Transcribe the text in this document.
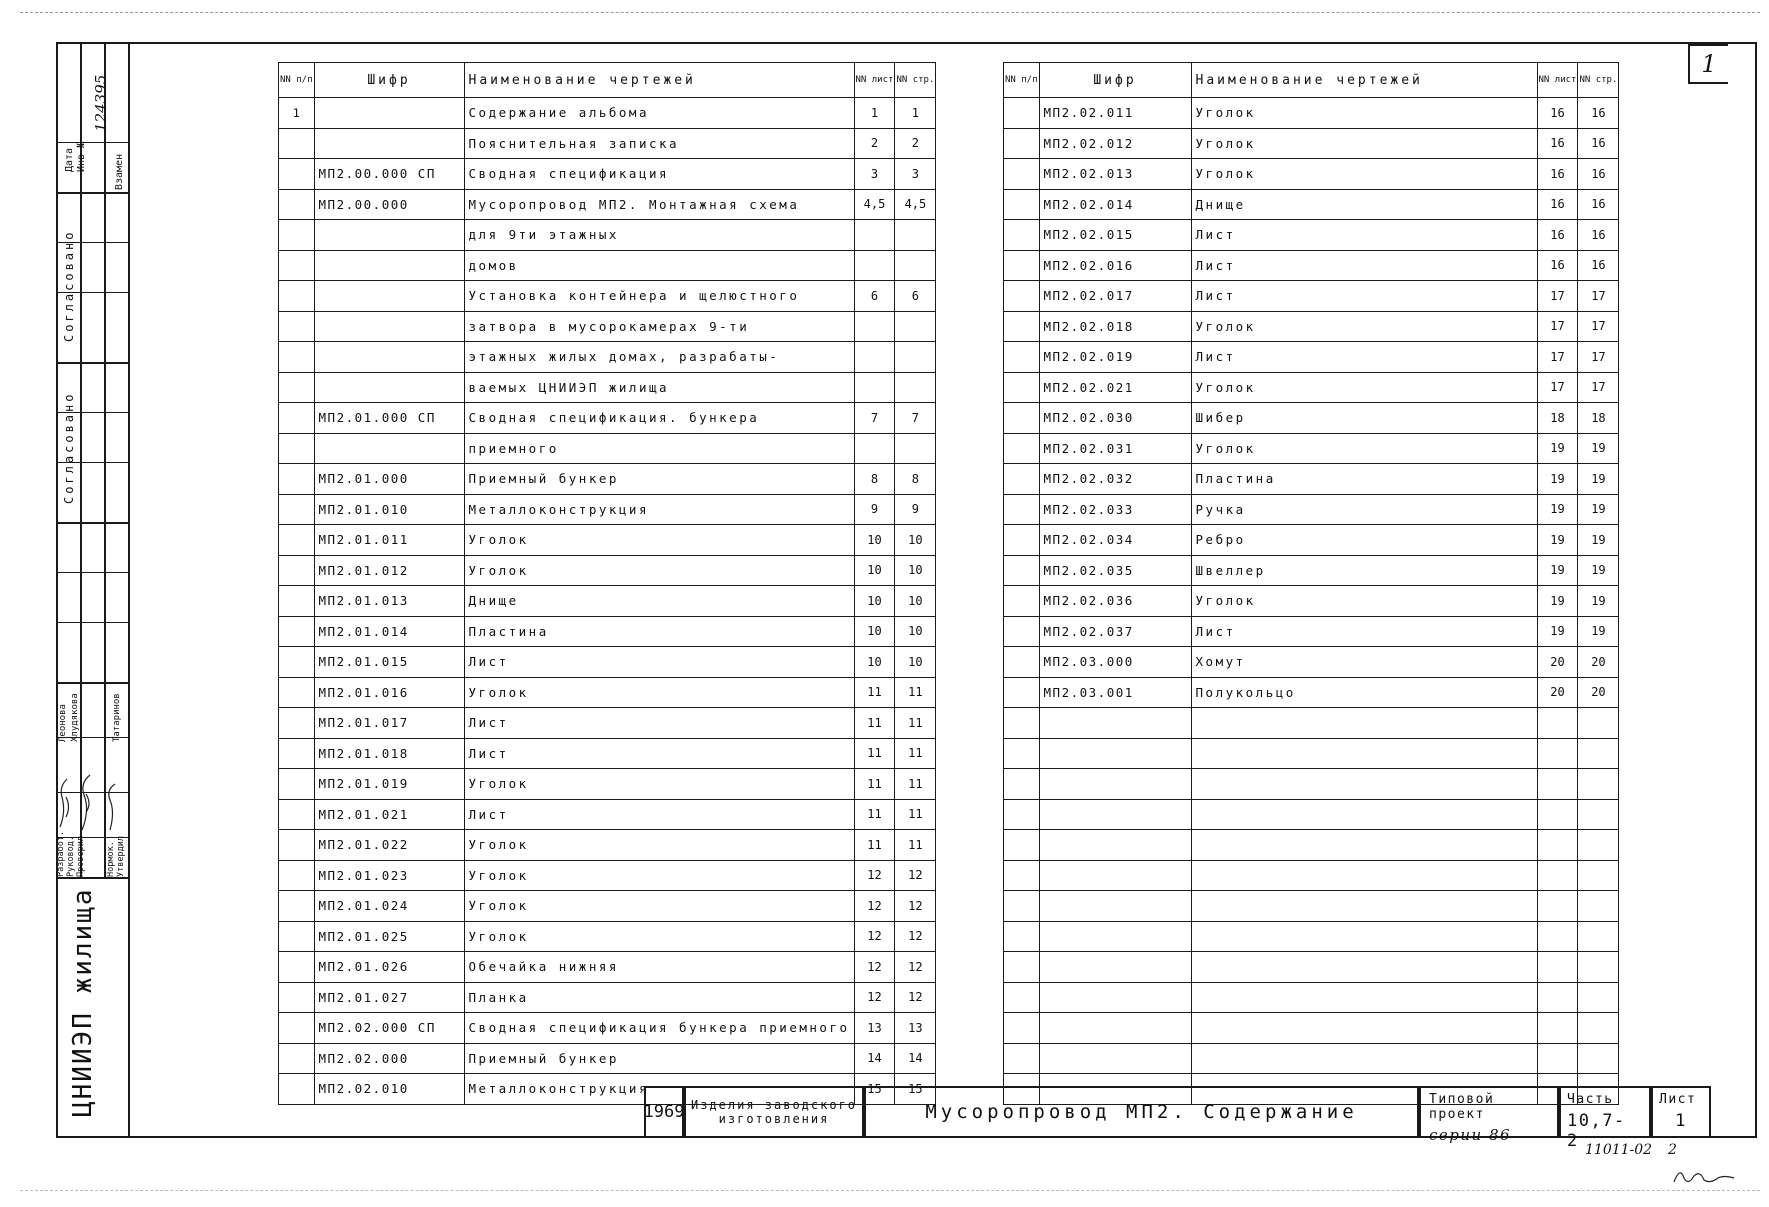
1
124395
Дата Инв №	Взамен
Согласовано
Согласовано
Разработ. Руковод. Проверил Нормок. Утвердил
Леонова Хлудякова	Татаринов
ЦНИИЭП жилища
NN п/п	Шифр	Наименование чертежей	NN лист	NN стр.
1		Содержание альбома	1	1
		Пояснительная записка	2	2
	МП2.00.000 СП	Сводная спецификация	3	3
	МП2.00.000	Мусоропровод МП2. Монтажная схема	4,5	4,5
		для 9ти этажных		
		домов		
		Установка контейнера и щелюстного	6	6
		затвора в мусорокамерах 9-ти		
		этажных жилых домах, разрабаты-		
		ваемых ЦНИИЭП жилища		
	МП2.01.000 СП	Сводная спецификация. бункера	7	7
		приемного		
	МП2.01.000	Приемный бункер	8	8
	МП2.01.010	Металлоконструкция	9	9
	МП2.01.011	Уголок	10	10
	МП2.01.012	Уголок	10	10
	МП2.01.013	Днище	10	10
	МП2.01.014	Пластина	10	10
	МП2.01.015	Лист	10	10
	МП2.01.016	Уголок	11	11
	МП2.01.017	Лист	11	11
	МП2.01.018	Лист	11	11
	МП2.01.019	Уголок	11	11
	МП2.01.021	Лист	11	11
	МП2.01.022	Уголок	11	11
	МП2.01.023	Уголок	12	12
	МП2.01.024	Уголок	12	12
	МП2.01.025	Уголок	12	12
	МП2.01.026	Обечайка нижняя	12	12
	МП2.01.027	Планка	12	12
	МП2.02.000 СП	Сводная спецификация бункера приемного	13	13
	МП2.02.000	Приемный бункер	14	14
	МП2.02.010	Металлоконструкция	15	15
NN п/п	Шифр	Наименование чертежей	NN лист	NN стр.
	МП2.02.011	Уголок	16	16
	МП2.02.012	Уголок	16	16
	МП2.02.013	Уголок	16	16
	МП2.02.014	Днище	16	16
	МП2.02.015	Лист	16	16
	МП2.02.016	Лист	16	16
	МП2.02.017	Лист	17	17
	МП2.02.018	Уголок	17	17
	МП2.02.019	Лист	17	17
	МП2.02.021	Уголок	17	17
	МП2.02.030	Шибер	18	18
	МП2.02.031	Уголок	19	19
	МП2.02.032	Пластина	19	19
	МП2.02.033	Ручка	19	19
	МП2.02.034	Ребро	19	19
	МП2.02.035	Швеллер	19	19
	МП2.02.036	Уголок	19	19
	МП2.02.037	Лист	19	19
	МП2.03.000	Хомут	20	20
	МП2.03.001	Полукольцо	20	20

1969 Изделия заводского изготовления	Мусоропровод МП2. Содержание
Типовой проект
серии 86
Часть
10,7- 2
Лист
1
11011-02 2
